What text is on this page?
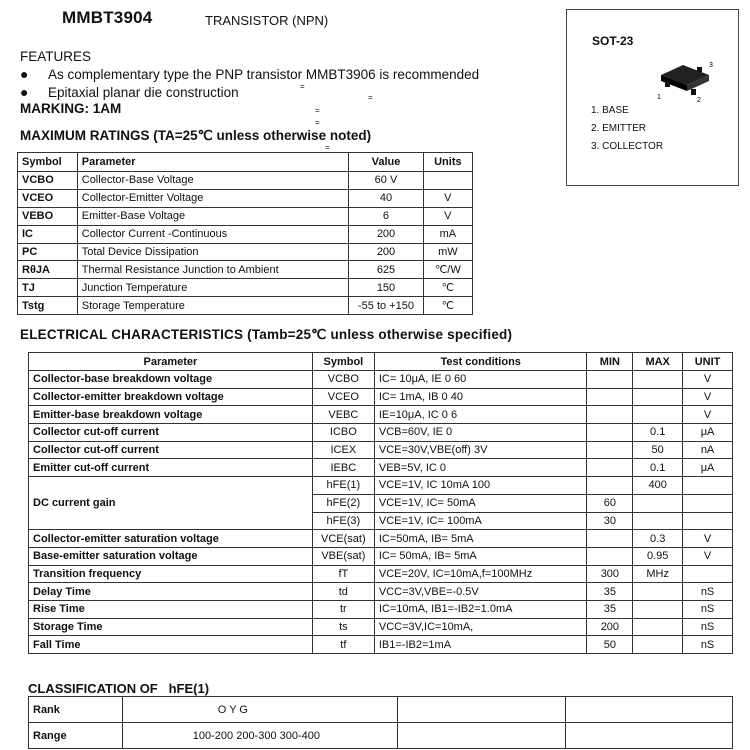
MMBT3904	TRANSISTOR (NPN)
FEATURES
● As complementary type the PNP transistor MMBT3906 is recommended
● Epitaxial planar die construction
MARKING: 1AM
=
=
=
=
=
MAXIMUM RATINGS (TA=25℃ unless otherwise noted)
SOT-23
1	2
3
1. BASE
2. EMITTER
3. COLLECTOR
Symbol	Parameter	Value	Units
VCBO	Collector-Base Voltage	60 V	
VCEO	Collector-Emitter Voltage	40	V
VEBO	Emitter-Base Voltage	6	V
IC	Collector Current -Continuous	200	mA
PC	Total Device Dissipation	200	mW
RθJA	Thermal Resistance Junction to Ambient	625	℃/W
TJ	Junction Temperature	150	℃
Tstg	Storage Temperature	-55 to +150	℃
ELECTRICAL CHARACTERISTICS (Tamb=25℃ unless otherwise specified)
Parameter	Symbol	Test conditions	MIN	MAX	UNIT
Collector-base breakdown voltage	VCBO	IC= 10μA, IE 0 60			V
Collector-emitter breakdown voltage	VCEO	IC= 1mA, IB 0 40			V
Emitter-base breakdown voltage	VEBC	IE=10μA, IC 0 6			V
Collector cut-off current	ICBO	VCB=60V, IE 0		0.1	μA
Collector cut-off current	ICEX	VCE=30V,VBE(off) 3V		50	nA
Emitter cut-off current	IEBC	VEB=5V, IC 0		0.1	μA
DC current gain	hFE(1)	VCE=1V, IC 10mA 100		400	
	hFE(2)	VCE=1V, IC= 50mA	60		
	hFE(3)	VCE=1V, IC= 100mA	30		
Collector-emitter saturation voltage	VCE(sat)	IC=50mA, IB= 5mA		0.3	V
Base-emitter saturation voltage	VBE(sat)	IC= 50mA, IB= 5mA		0.95	V
Transition frequency	fT	VCE=20V, IC=10mA,f=100MHz	300	MHz	
Delay Time	td	VCC=3V,VBE=-0.5V	35		nS
Rise Time	tr	IC=10mA, IB1=-IB2=1.0mA	35		nS
Storage Time	ts	VCC=3V,IC=10mA,	200		nS
Fall Time	tf	IB1=-IB2=1mA	50		nS
CLASSIFICATION OF hFE(1)
Rank	O Y G		
Range	100-200 200-300 300-400		
